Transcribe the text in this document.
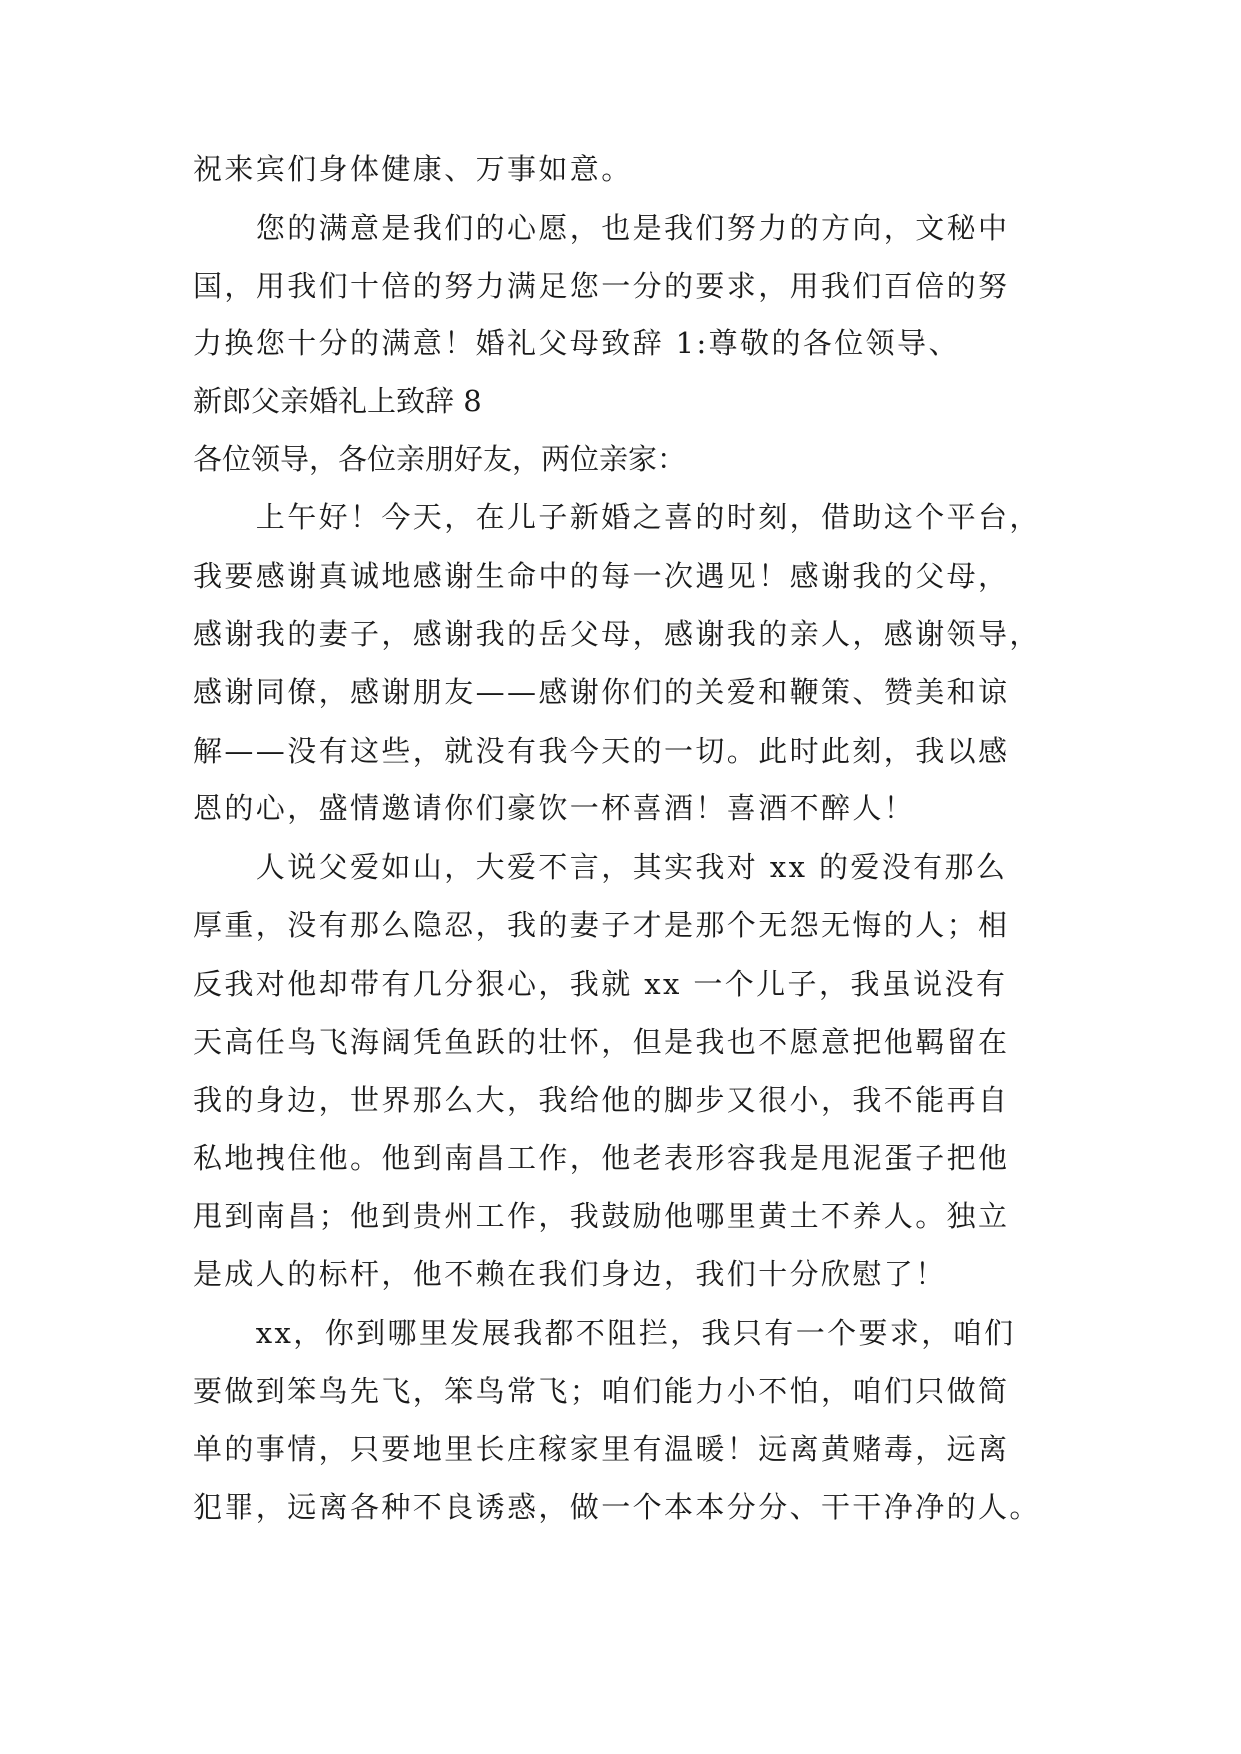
祝来宾们身体健康、万事如意。
　　您的满意是我们的心愿，也是我们努力的方向，文秘中
国，用我们十倍的努力满足您一分的要求，用我们百倍的努
力换您十分的满意！婚礼父母致辞 1:尊敬的各位领导、
新郎父亲婚礼上致辞 8
各位领导，各位亲朋好友，两位亲家：
　　上午好！今天，在儿子新婚之喜的时刻，借助这个平台，
我要感谢真诚地感谢生命中的每一次遇见！感谢我的父母，
感谢我的妻子，感谢我的岳父母，感谢我的亲人，感谢领导，
感谢同僚，感谢朋友——感谢你们的关爱和鞭策、赞美和谅
解——没有这些，就没有我今天的一切。此时此刻，我以感
恩的心，盛情邀请你们豪饮一杯喜酒！喜酒不醉人！
　　人说父爱如山，大爱不言，其实我对 xx 的爱没有那么
厚重，没有那么隐忍，我的妻子才是那个无怨无悔的人；相
反我对他却带有几分狠心，我就 xx 一个儿子，我虽说没有
天高任鸟飞海阔凭鱼跃的壮怀，但是我也不愿意把他羁留在
我的身边，世界那么大，我给他的脚步又很小，我不能再自
私地拽住他。他到南昌工作，他老表形容我是甩泥蛋子把他
甩到南昌；他到贵州工作，我鼓励他哪里黄土不养人。独立
是成人的标杆，他不赖在我们身边，我们十分欣慰了！
　　xx，你到哪里发展我都不阻拦，我只有一个要求，咱们
要做到笨鸟先飞，笨鸟常飞；咱们能力小不怕，咱们只做简
单的事情，只要地里长庄稼家里有温暖！远离黄赌毒，远离
犯罪，远离各种不良诱惑，做一个本本分分、干干净净的人。
